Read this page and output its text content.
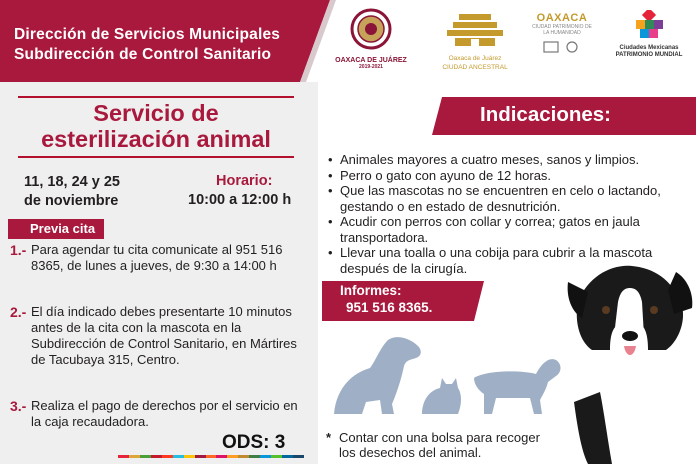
Dirección de Servicios Municipales
Subdirección de Control Sanitario	OAXACA DE JUÁREZ
2019-2021
Oaxaca de Juárez
CIUDAD ANCESTRAL
OAXACA
CIUDAD PATRIMONIO DE LA HUMANIDAD
Ciudades Mexicanas
PATRIMONIO MUNDIAL
Servicio de
esterilización animal
11, 18, 24 y 25
de noviembre
Horario:
10:00 a 12:00 h
Previa cita
1.- Para agendar tu cita comunicate al 951 516 8365, de lunes a jueves, de 9:30 a 14:00 h
2.- El día indicado debes presentarte 10 minutos antes de la cita con la mascota en la Subdirección de Control Sanitario, en Mártires de Tacubaya 315, Centro.
3.- Realiza el pago de derechos por el servicio en la caja recaudadora.
ODS: 3
Indicaciones:
• Animales mayores a cuatro meses, sanos y limpios.
• Perro o gato con ayuno de 12 horas.
• Que las mascotas no se encuentren en celo o lactando, gestando o en estado de desnutrición.
• Acudir con perros con collar y correa; gatos en jaula transportadora.
• Llevar una toalla o una cobija para cubrir a la mascota después de la cirugía.
Informes:
951 516 8365.
* Contar con una bolsa para recoger los desechos del animal.
